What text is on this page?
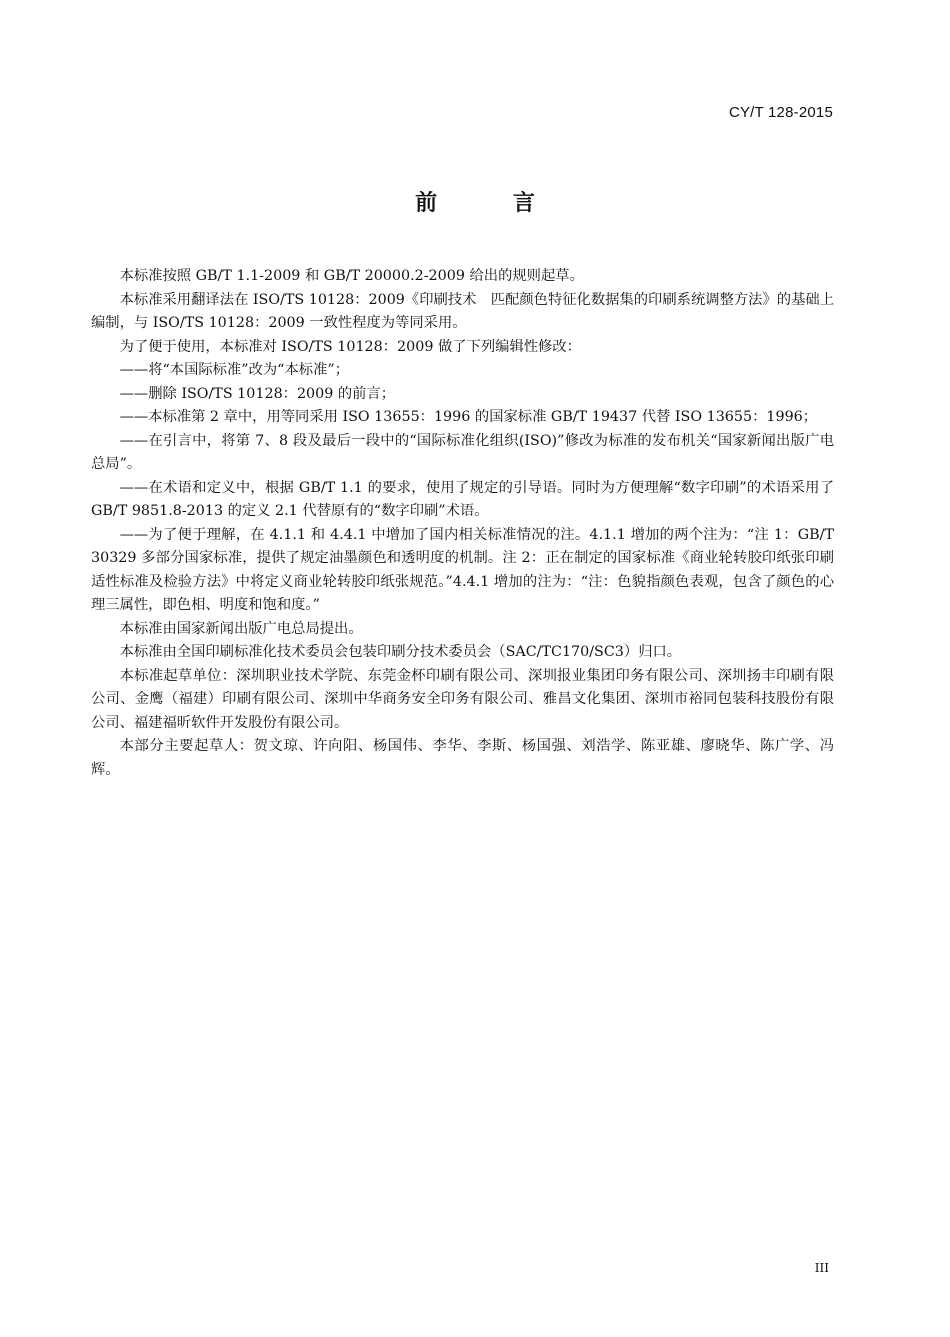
CY/T 128-2015
前 言

本标准按照 GB/T 1.1-2009 和 GB/T 20000.2-2009 给出的规则起草。

本标准采用翻译法在 ISO/TS 10128：2009《印刷技术　匹配颜色特征化数据集的印刷系统调整方法》的基础上编制，与 ISO/TS 10128：2009 一致性程度为等同采用。

为了便于使用，本标准对 ISO/TS 10128：2009 做了下列编辑性修改：

——将“本国际标准”改为“本标准”；

——删除 ISO/TS 10128：2009 的前言；

——本标准第 2 章中，用等同采用 ISO 13655：1996 的国家标准 GB/T 19437 代替 ISO 13655：1996；

——在引言中，将第 7、8 段及最后一段中的“国际标准化组织(ISO)”修改为标准的发布机关“国家新闻出版广电总局”。

——在术语和定义中，根据 GB/T 1.1 的要求，使用了规定的引导语。同时为方便理解“数字印刷”的术语采用了 GB/T 9851.8-2013 的定义 2.1 代替原有的“数字印刷”术语。

——为了便于理解，在 4.1.1 和 4.4.1 中增加了国内相关标准情况的注。4.1.1 增加的两个注为：“注 1：GB/T 30329 多部分国家标准，提供了规定油墨颜色和透明度的机制。注 2：正在制定的国家标准《商业轮转胶印纸张印刷适性标准及检验方法》中将定义商业轮转胶印纸张规范。”4.4.1 增加的注为：“注：色貌指颜色表观，包含了颜色的心理三属性，即色相、明度和饱和度。”

本标准由国家新闻出版广电总局提出。

本标准由全国印刷标准化技术委员会包装印刷分技术委员会（SAC/TC170/SC3）归口。

本标准起草单位：深圳职业技术学院、东莞金杯印刷有限公司、深圳报业集团印务有限公司、深圳扬丰印刷有限公司、金鹰（福建）印刷有限公司、深圳中华商务安全印务有限公司、雅昌文化集团、深圳市裕同包装科技股份有限公司、福建福昕软件开发股份有限公司。

本部分主要起草人：贺文琼、许向阳、杨国伟、李华、李斯、杨国强、刘浩学、陈亚雄、廖晓华、陈广学、冯辉。

III
